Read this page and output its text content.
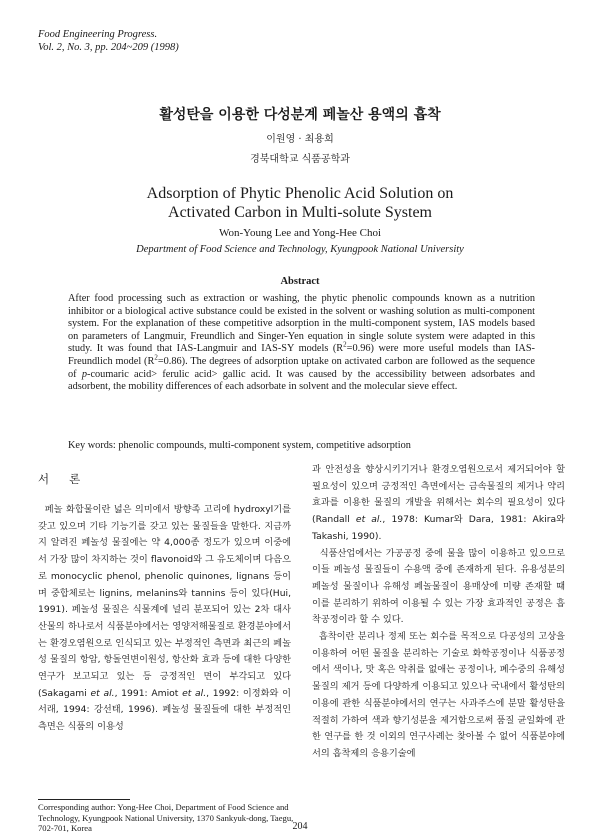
Food Engineering Progress.
Vol. 2, No. 3, pp. 204~209 (1998)
활성탄을 이용한 다성분계 페놀산 용액의 흡착
이원영 · 최용희
경북대학교 식품공학과
Adsorption of Phytic Phenolic Acid Solution on
Activated Carbon in Multi-solute System
Won-Young Lee and Yong-Hee Choi
Department of Food Science and Technology, Kyungpook National University
Abstract
After food processing such as extraction or washing, the phytic phenolic compounds known as a nutrition inhibitor or a biological active substance could be existed in the solvent or washing solution as multi-component system. For the explanation of these competitive adsorption in the multi-component system, IAS models based on parameters of Langmuir, Freundlich and Singer-Yen equation in single solute system were adapted in this study. It was found that IAS-Langmuir and IAS-SY models $(R^2=0.96)$ were more useful models than IAS-Freundlich model $(R^2=0.86)$. The degrees of adsorption uptake on activated carbon are followed as the sequence of p-coumaric acid> ferulic acid> gallic acid. It was caused by the accessibility between adsorbates and adsorbent, the mobility differences of each adsorbate in solvent and the molecular sieve effect.
Key words: phenolic compounds, multi-component system, competitive adsorption

서론

페놀 화합물이란 넓은 의미에서 방향족 고리에 hydroxyl기를 갖고 있으며 기타 기능기를 갖고 있는 물질들을 말한다. 지금까지 알려진 페놀성 물질에는 약 4,000종 정도가 있으며 이중에서 가장 많이 차지하는 것이 flavonoid와 그 유도체이며 다음으로 monocyclic phenol, phenolic quinones, lignans 등이며 중합체로는 lignins, melanins와 tannins 등이 있다(Hui, 1991). 페놀성 물질은 식물계에 널리 분포되어 있는 2차 대사산물의 하나로서 식품분야에서는 영양저해물질로 환경분야에서는 환경오염원으로 인식되고 있는 부정적인 측면과 최근의 페놀성 물질의 항암, 항돌연변이원성, 항산화 효과 등에 대한 다양한 연구가 보고되고 있는 등 긍정적인 면이 부각되고 있다(Sakagami et al., 1991: Amiot et al., 1992: 이정화와 이서래, 1994: 강선태, 1996). 페놀성 물질들에 대한 부정적인 측면은 식품의 이용성

과 안전성을 향상시키기거나 환경오염원으로서 제거되어야 할 필요성이 있으며 긍정적인 측면에서는 금속물질의 제거나 약리효과를 이용한 물질의 개발을 위해서는 회수의 필요성이 있다(Randall et al., 1978: Kumar와 Dara, 1981: Akira와 Takashi, 1990).

식품산업에서는 가공공정 중에 물을 많이 이용하고 있으므로 이들 페놀성 물질들이 수용액 중에 존재하게 된다. 유용성분의 페놀성 물질이나 유해성 페놀물질이 용매상에 미량 존재할 때 이를 분리하기 위하여 이용될 수 있는 가장 효과적인 공정은 흡착공정이라 할 수 있다.

흡착이란 분리나 정제 또는 회수를 목적으로 다공성의 고상을 이용하여 어떤 물질을 분리하는 기술로 화학공정이나 식품공정에서 색이나, 맛 혹은 악취를 없애는 공정이나, 폐수중의 유해성 물질의 제거 등에 다양하게 이용되고 있으나 국내에서 활성탄의 이용에 관한 식품분야에서의 연구는 사과주스에 분말 활성탄을 적절히 가하여 색과 향기성분을 제거함으로써 품질 균일화에 관한 연구를 한 것 이외의 연구사례는 찾아볼 수 없어 식품분야에서의 흡착제의 응용기술에

Corresponding author: Yong-Hee Choi, Department of Food Science and Technology, Kyungpook National University, 1370 Sankyuk-dong, Taegu, 702-701, Korea	204
